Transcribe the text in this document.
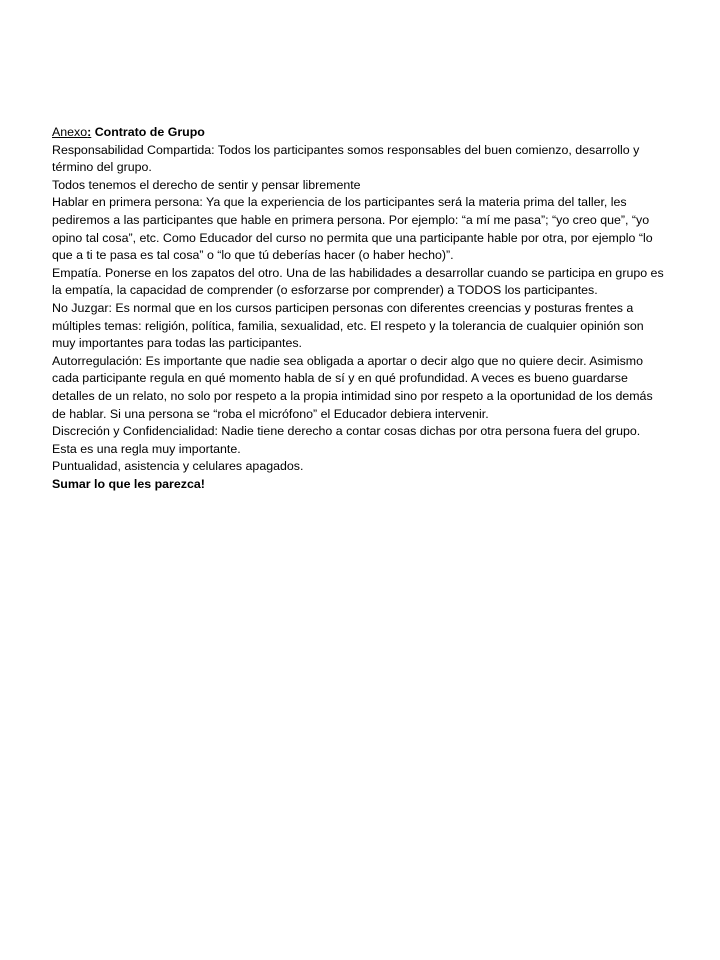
Anexo: Contrato de Grupo

Responsabilidad Compartida: Todos los participantes somos responsables del buen comienzo, desarrollo y término del grupo.

Todos tenemos el derecho de sentir y pensar libremente

Hablar en primera persona: Ya que la experiencia de los participantes será la materia prima del taller, les pediremos a las participantes que hable en primera persona. Por ejemplo: “a mí me pasa”; “yo creo que”, “yo opino tal cosa”, etc. Como Educador del curso no permita que una participante hable por otra, por ejemplo “lo que a ti te pasa es tal cosa” o “lo que tú deberías hacer (o haber hecho)”.

Empatía. Ponerse en los zapatos del otro. Una de las habilidades a desarrollar cuando se participa en grupo es la empatía, la capacidad de comprender (o esforzarse por comprender) a TODOS los participantes.

No Juzgar: Es normal que en los cursos participen personas con diferentes creencias y posturas frentes a múltiples temas: religión, política, familia, sexualidad, etc. El respeto y la tolerancia de cualquier opinión son muy importantes para todas las participantes.

Autorregulación: Es importante que nadie sea obligada a aportar o decir algo que no quiere decir. Asimismo cada participante regula en qué momento habla de sí y en qué profundidad. A veces es bueno guardarse detalles de un relato, no solo por respeto a la propia intimidad sino por respeto a la oportunidad de los demás de hablar. Si una persona se “roba el micrófono” el Educador debiera intervenir.

Discreción y Confidencialidad: Nadie tiene derecho a contar cosas dichas por otra persona fuera del grupo. Esta es una regla muy importante.

Puntualidad, asistencia y celulares apagados.

Sumar lo que les parezca!
